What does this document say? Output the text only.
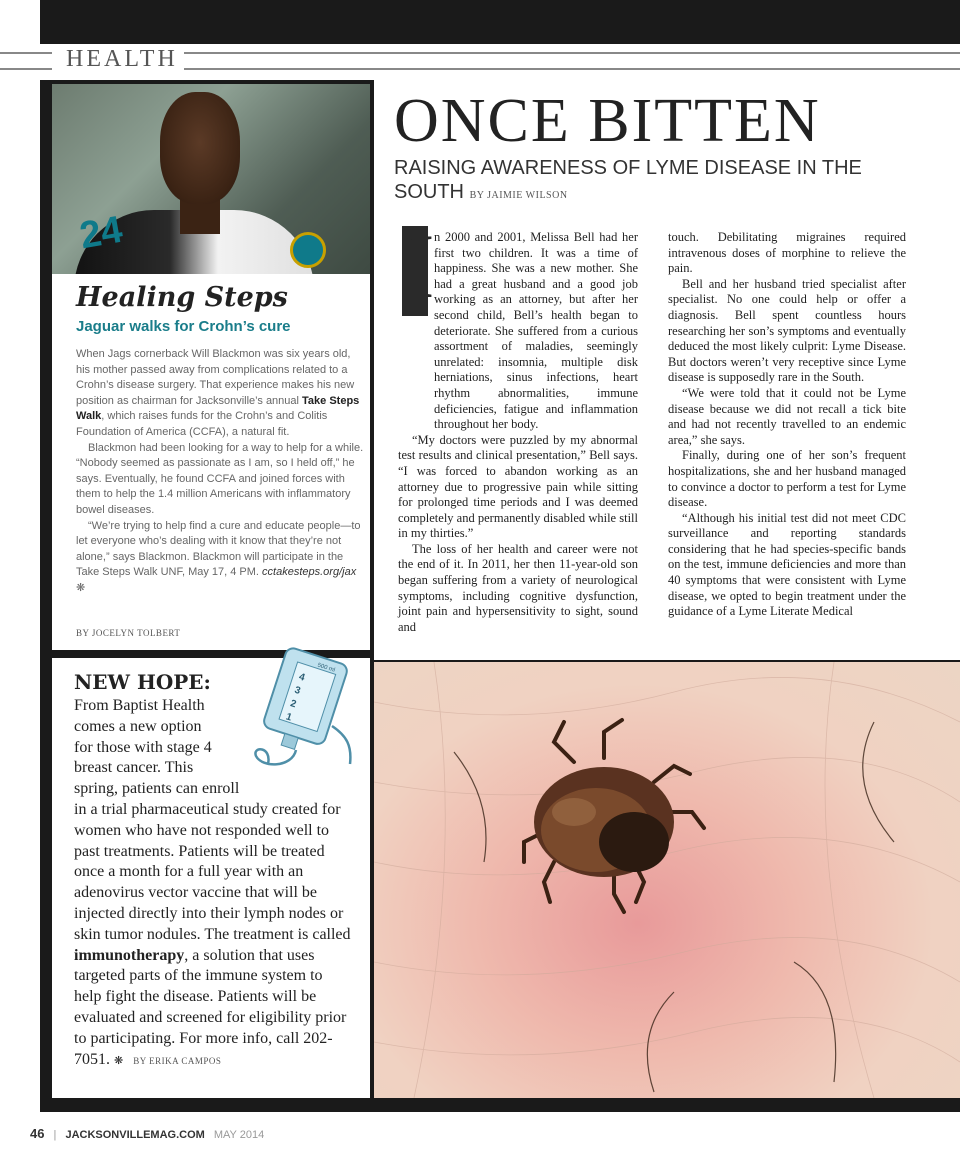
HEALTH
24
Healing Steps
Jaguar walks for Crohn’s cure

When Jags cornerback Will Blackmon was six years old, his mother passed away from complications related to a Crohn’s disease surgery. That experience makes his new position as chairman for Jacksonville’s annual Take Steps Walk, which raises funds for the Crohn’s and Colitis Foundation of America (CCFA), a natural fit.

Blackmon had been looking for a way to help for a while. “Nobody seemed as passionate as I am, so I held off,” he says. Eventually, he found CCFA and joined forces with them to help the 1.4 million Americans with inflammatory bowel diseases.

“We’re trying to help find a cure and educate people—to let everyone who’s dealing with it know that they’re not alone,” says Blackmon. Blackmon will participate in the Take Steps Walk UNF, May 17, 4 PM. cctakesteps.org/jax ❋

BY JOCELYN TOLBERT
4
3
2
1
500 ml
NEW HOPE:
From Baptist Health
comes a new option
for those with stage 4
breast cancer. This
spring, patients can enroll
in a trial pharmaceutical study created for women who have not responded well to past treatments. Patients will be treated once a month for a full year with an adenovirus vector vaccine that will be injected directly into their lymph nodes or skin tumor nodules. The treatment is called immunotherapy, a solution that uses targeted parts of the immune system to help fight the disease. Patients will be evaluated and screened for eligibility prior to participating. For more info, call 202-7051. ❋ BY ERIKA CAMPOS
ONCE BITTEN
RAISING AWARENESS OF LYME DISEASE IN THE SOUTH BY JAIMIE WILSON

n 2000 and 2001, Melissa Bell had her first two children. It was a time of happiness. She was a new mother. She had a great husband and a good job working as an attorney, but after her second child, Bell’s health began to deteriorate. She suffered from a curious assortment of maladies, seemingly unrelated: insomnia, multiple disk herniations, sinus infections, heart rhythm abnormalities, immune deficiencies, fatigue and inflammation throughout her body.

“My doctors were puzzled by my abnormal test results and clinical presentation,” Bell says. “I was forced to abandon working as an attorney due to progressive pain while sitting for prolonged time periods and I was deemed completely and permanently disabled while still in my thirties.”

The loss of her health and career were not the end of it. In 2011, her then 11-year-old son began suffering from a variety of neurological symptoms, including cognitive dysfunction, joint pain and hypersensitivity to sight, sound and

I	touch. Debilitating migraines required intravenous doses of morphine to relieve the pain.

Bell and her husband tried specialist after specialist. No one could help or offer a diagnosis. Bell spent countless hours researching her son’s symptoms and eventually deduced the most likely culprit: Lyme Disease. But doctors weren’t very receptive since Lyme disease is supposedly rare in the South.

“We were told that it could not be Lyme disease because we did not recall a tick bite and had not recently travelled to an endemic area,” she says.

Finally, during one of her son’s frequent hospitalizations, she and her husband managed to convince a doctor to perform a test for Lyme disease.

“Although his initial test did not meet CDC surveillance and reporting standards considering that he had species-specific bands on the test, immune deficiencies and more than 40 symptoms that were consistent with Lyme disease, we opted to begin treatment under the guidance of a Lyme Literate Medical

46 | JACKSONVILLEMAG.COM MAY 2014
